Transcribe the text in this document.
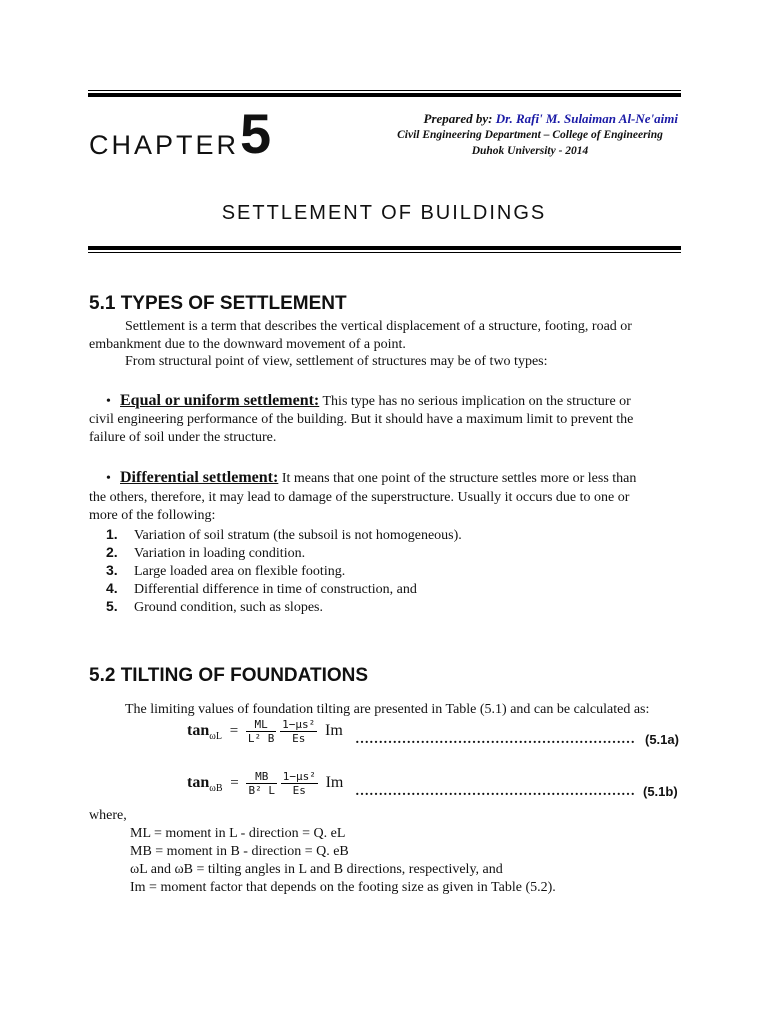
CHAPTER 5	Prepared by: Dr. Rafi' M. Sulaiman Al-Ne'aimi
Civil Engineering Department – College of Engineering
Duhok University - 2014
SETTLEMENT OF BUILDINGS
5.1 TYPES OF SETTLEMENT
Settlement is a term that describes the vertical displacement of a structure, footing, road or
embankment due to the downward movement of a point.
From structural point of view, settlement of structures may be of two types:
• Equal or uniform settlement: This type has no serious implication on the structure or
civil engineering performance of the building. But it should have a maximum limit to prevent the
failure of soil under the structure.
• Differential settlement: It means that one point of the structure settles more or less than
the others, therefore, it may lead to damage of the superstructure. Usually it occurs due to one or
more of the following:
1. Variation of soil stratum (the subsoil is not homogeneous).
2. Variation in loading condition.
3. Large loaded area on flexible footing.
4. Differential difference in time of construction, and
5. Ground condition, such as slopes.
5.2 TILTING OF FOUNDATIONS
The limiting values of foundation tilting are presented in Table (5.1) and can be calculated as:
$\tan_{\omega L} = \frac{ML}{\text{L² B}}$
$\frac{\text{1−μs²}}{Es}$ Im
…………………………………………………… (5.1a)
$\tan_{\omega B} = \frac{MB}{\text{B² L}}$
$\frac{\text{1−μs²}}{Es}$ Im
…………………………………………………… (5.1b)
where,
ML = moment in L - direction = Q. eL
MB = moment in B - direction = Q. eB
ωL and ωB = tilting angles in L and B directions, respectively, and
Im = moment factor that depends on the footing size as given in Table (5.2).
